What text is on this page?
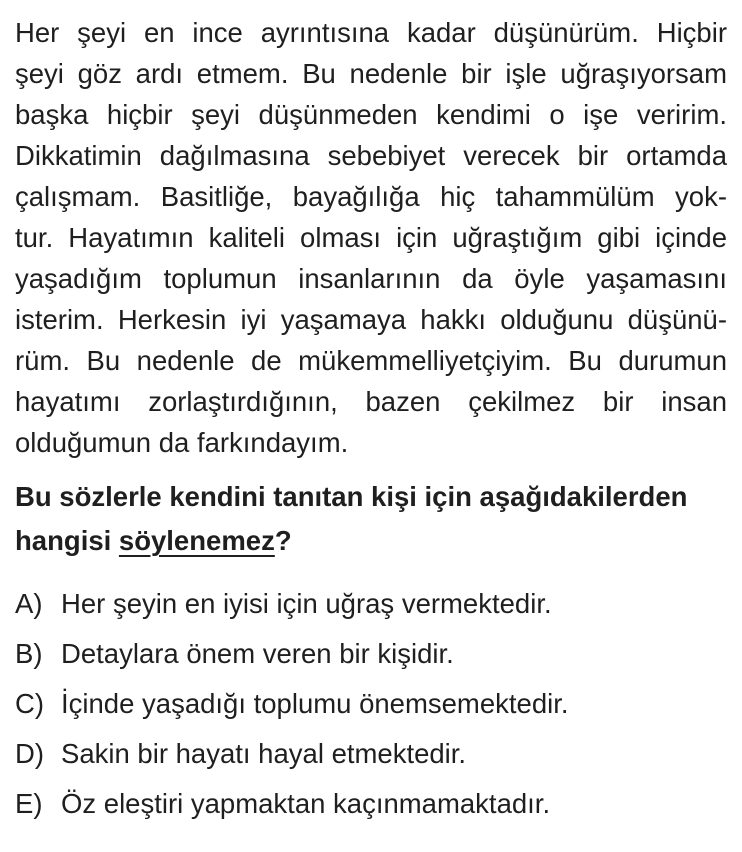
Her şeyi en ince ayrıntısına kadar düşünürüm. Hiçbir
şeyi göz ardı etmem. Bu nedenle bir işle uğraşıyorsam
başka hiçbir şeyi düşünmeden kendimi o işe veririm.
Dikkatimin dağılmasına sebebiyet verecek bir ortamda
çalışmam. Basitliğe, bayağılığa hiç tahammülüm yok-
tur. Hayatımın kaliteli olması için uğraştığım gibi içinde
yaşadığım toplumun insanlarının da öyle yaşamasını
isterim. Herkesin iyi yaşamaya hakkı olduğunu düşünü-
rüm. Bu nedenle de mükemmelliyetçiyim. Bu durumun
hayatımı zorlaştırdığının, bazen çekilmez bir insan
olduğumun da farkındayım.
Bu sözlerle kendini tanıtan kişi için aşağıdakilerden
hangisi söylenemez?
A) Her şeyin en iyisi için uğraş vermektedir.
B) Detaylara önem veren bir kişidir.
C) İçinde yaşadığı toplumu önemsemektedir.
D) Sakin bir hayatı hayal etmektedir.
E) Öz eleştiri yapmaktan kaçınmamaktadır.
